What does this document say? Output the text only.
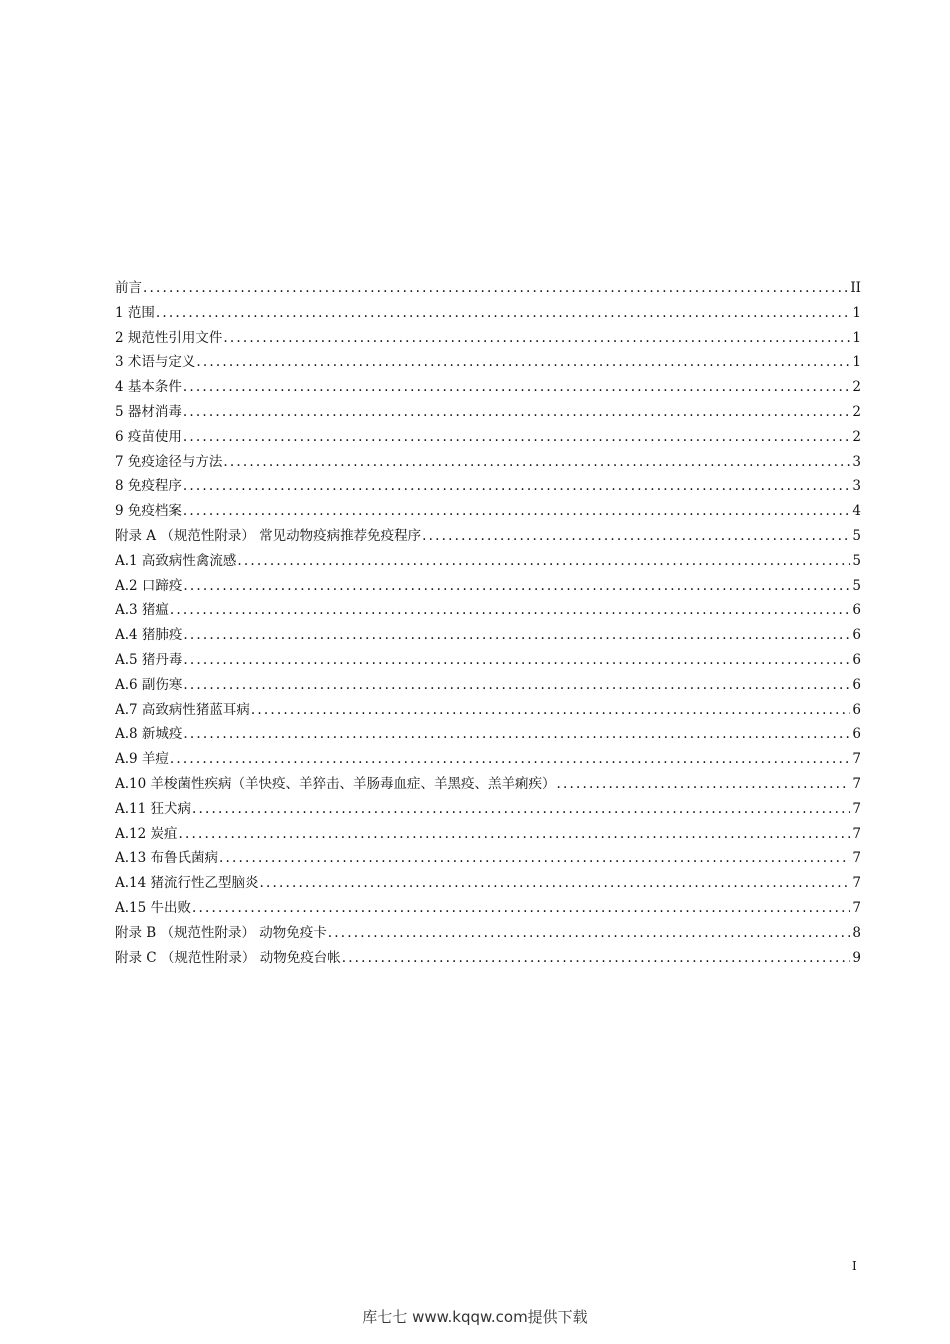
前言 .....	II
1 范围 .....	1
2 规范性引用文件 .....	1
3 术语与定义 .....	1
4 基本条件 .....	2
5 器材消毒 .....	2
6 疫苗使用 .....	2
7 免疫途径与方法 .....	3
8 免疫程序 .....	3
9 免疫档案 .....	4
附录 A （规范性附录） 常见动物疫病推荐免疫程序 .....	5
A.1 高致病性禽流感 .....	5
A.2 口蹄疫 .....	5
A.3 猪瘟 .....	6
A.4 猪肺疫 .....	6
A.5 猪丹毒 .....	6
A.6 副伤寒 .....	6
A.7 高致病性猪蓝耳病 .....	6
A.8 新城疫 .....	6
A.9 羊痘 .....	7
A.10 羊梭菌性疾病（羊快疫、羊猝击、羊肠毒血症、羊黑疫、羔羊痢疾） .....	7
A.11 狂犬病 .....	7
A.12 炭疽 .....	7
A.13 布鲁氏菌病 .....	7
A.14 猪流行性乙型脑炎 .....	7
A.15 牛出败 .....	7
附录 B （规范性附录） 动物免疫卡 .....	8
附录 C （规范性附录） 动物免疫台帐 .....	9
I
库七七 www.kqqw.com提供下载
